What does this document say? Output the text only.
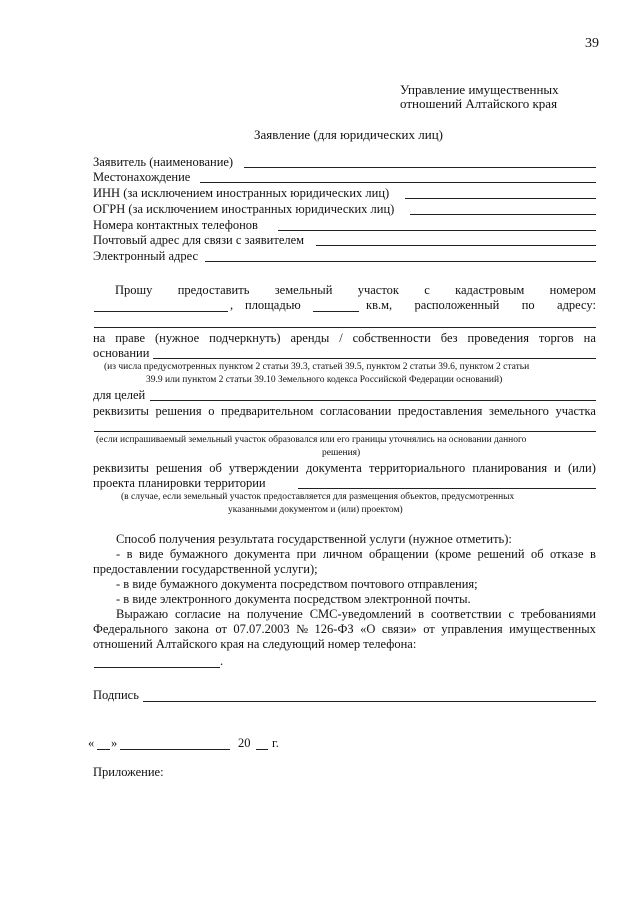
39
Управление имущественных
отношений Алтайского края
Заявление (для юридических лиц)
Заявитель (наименование)
Местонахождение
ИНН (за исключением иностранных юридических лиц)
ОГРН (за исключением иностранных юридических лиц)
Номера контактных телефонов
Почтовый адрес для связи с заявителем
Электронный адрес
Прошу предоставить земельный участок с кадастровым номером
, площадью	кв.м, расположенный по адресу:
на праве (нужное подчеркнуть) аренды / собственности без проведения торгов на
основании
(из числа предусмотренных пунктом 2 статьи 39.3, статьей 39.5, пунктом 2 статьи 39.6, пунктом 2 статьи
39.9 или пунктом 2 статьи 39.10 Земельного кодекса Российской Федерации оснований)
для целей
реквизиты решения о предварительном согласовании предоставления земельного участка
(если испрашиваемый земельный участок образовался или его границы уточнялись на основании данного
решения)
реквизиты решения об утверждении документа территориального планирования и (или)
проекта планировки территории
(в случае, если земельный участок предоставляется для размещения объектов, предусмотренных
указанными документом и (или) проектом)
Способ получения результата государственной услуги (нужное отметить):
- в виде бумажного документа при личном обращении (кроме решений об отказе в
предоставлении государственной услуги);
- в виде бумажного документа посредством почтового отправления;
- в виде электронного документа посредством электронной почты.
Выражаю согласие на получение СМС-уведомлений в соответствии с требованиями
Федерального закона от 07.07.2003 № 126-ФЗ «О связи» от управления имущественных
отношений Алтайского края на следующий номер телефона:
.
Подпись
« »	20 г.
Приложение:
